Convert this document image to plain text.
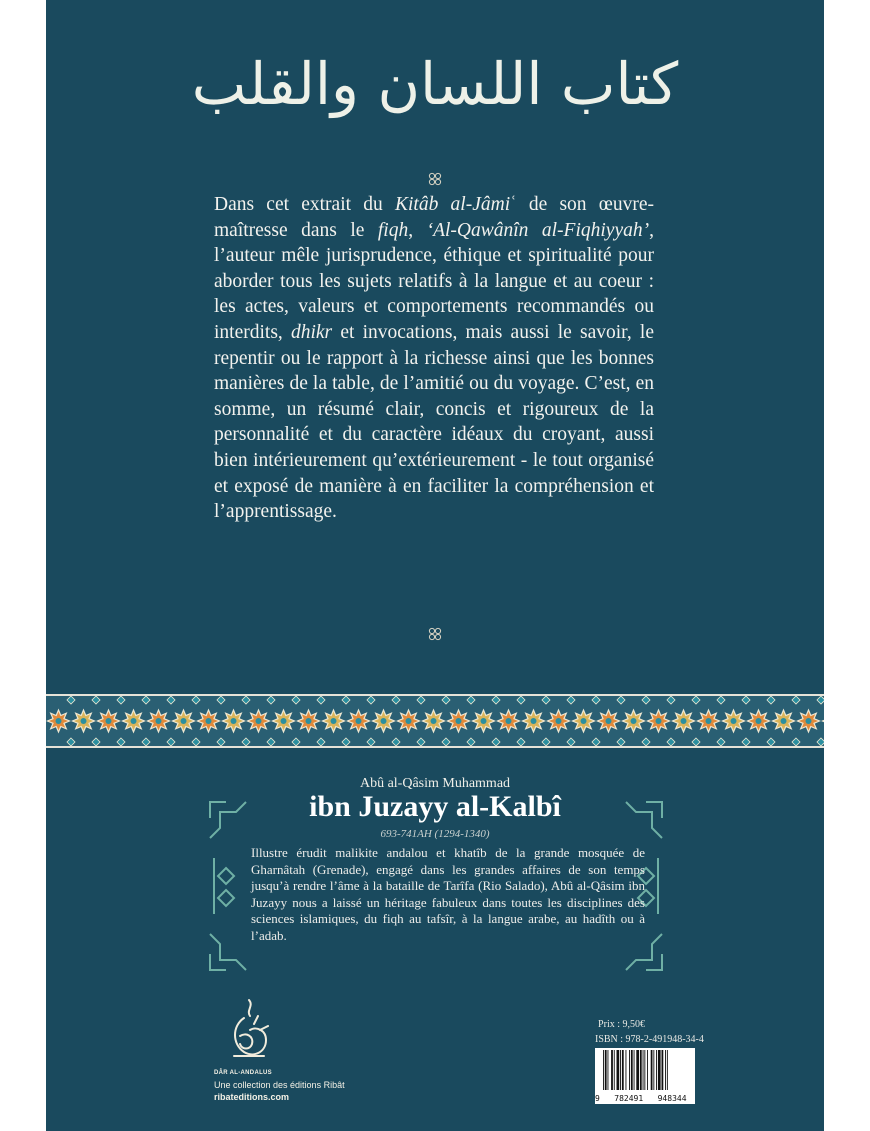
كتاب اللسان والقلب

Dans cet extrait du Kitâb al-Jâmiʿ de son œuvre-maîtresse dans le fiqh, ‘Al-Qawânîn al-Fiqhiyyah’, l’auteur mêle jurisprudence, éthique et spiritualité pour aborder tous les sujets relatifs à la langue et au coeur : les actes, valeurs et comportements recommandés ou interdits, dhikr et invocations, mais aussi le savoir, le repentir ou le rapport à la richesse ainsi que les bonnes manières de la table, de l’amitié ou du voyage. C’est, en somme, un résumé clair, concis et rigoureux de la personnalité et du caractère idéaux du croyant, aussi bien intérieurement qu’extérieurement - le tout organisé et exposé de manière à en faciliter la compréhension et l’apprentissage.

Abû al-Qâsim Muhammad
ibn Juzayy al-Kalbî
693-741AH (1294-1340)

Illustre érudit malikite andalou et khatîb de la grande mosquée de Gharnâtah (Grenade), engagé dans les grandes affaires de son temps jusqu’à rendre l’âme à la bataille de Tarîfa (Rio Salado), Abû al-Qâsim ibn Juzayy nous a laissé un héritage fabuleux dans toutes les disciplines des sciences islamiques, du fiqh au tafsîr, à la langue arabe, au hadîth ou à l’adab.

DÂR AL-ANDALUS
Une collection des éditions Ribât
ribateditions.com
Prix : 9,50€
ISBN : 978-2-491948-34-4
9   782491   948344
